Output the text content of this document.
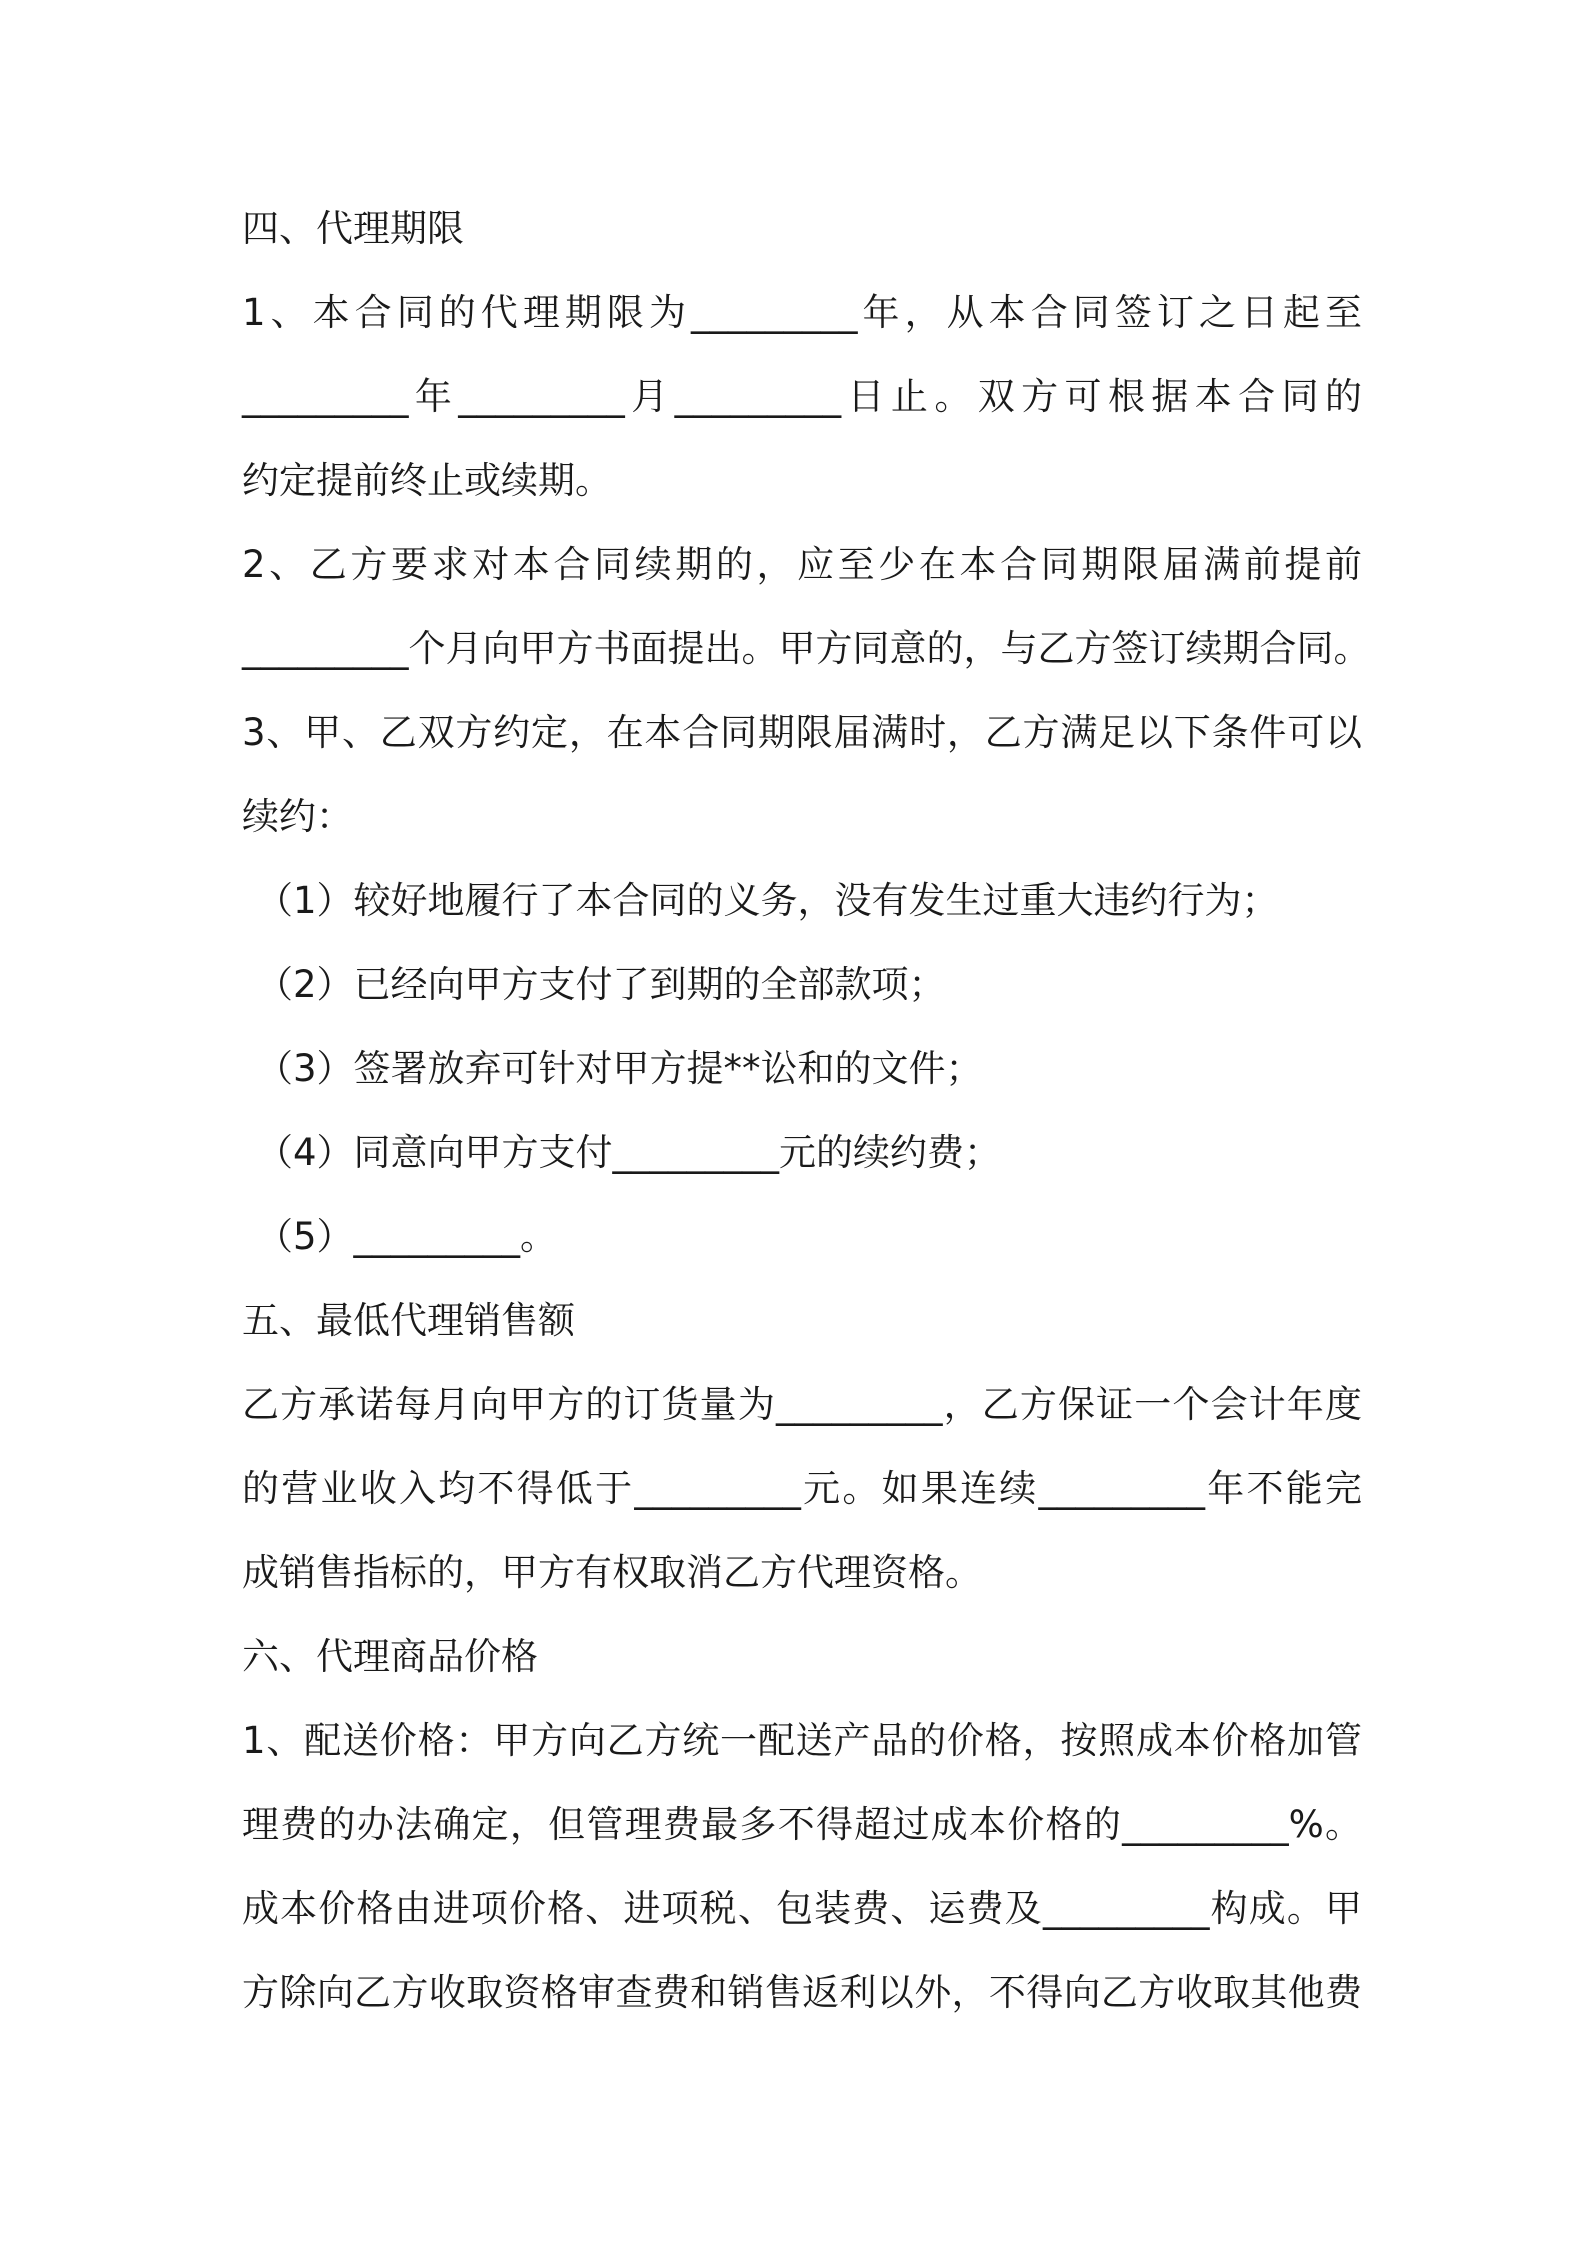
四、代理期限
1、本合同的代理期限为_________年，从本合同签订之日起至
_________年_________月_________日止。双方可根据本合同的
约定提前终止或续期。
2、乙方要求对本合同续期的，应至少在本合同期限届满前提前
_________个月向甲方书面提出。甲方同意的，与乙方签订续期合同。
3、甲、乙双方约定，在本合同期限届满时，乙方满足以下条件可以
续约：
（1）较好地履行了本合同的义务，没有发生过重大违约行为；
（2）已经向甲方支付了到期的全部款项；
（3）签署放弃可针对甲方提**讼和的文件；
（4）同意向甲方支付_________元的续约费；
（5）_________。
五、最低代理销售额
乙方承诺每月向甲方的订货量为_________，乙方保证一个会计年度
的营业收入均不得低于_________元。如果连续_________年不能完
成销售指标的，甲方有权取消乙方代理资格。
六、代理商品价格
1、配送价格：甲方向乙方统一配送产品的价格，按照成本价格加管
理费的办法确定，但管理费最多不得超过成本价格的_________%。
成本价格由进项价格、进项税、包装费、运费及_________构成。甲
方除向乙方收取资格审查费和销售返利以外，不得向乙方收取其他费
